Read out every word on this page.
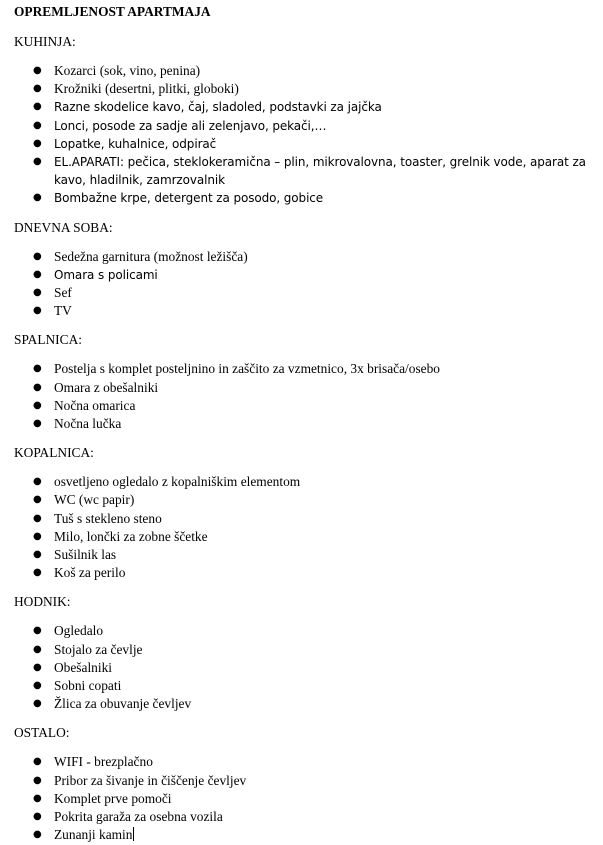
OPREMLJENOST APARTMAJA
KUHINJA:
● Kozarci (sok, vino, penina)
● Krožniki (desertni, plitki, globoki)
● Razne skodelice kavo, čaj, sladoled, podstavki za jajčka
● Lonci, posode za sadje ali zelenjavo, pekači,…
● Lopatke, kuhalnice, odpirač
● EL.APARATI: pečica, steklokeramična – plin, mikrovalovna, toaster, grelnik vode, aparat za kavo, hladilnik, zamrzovalnik
● Bombažne krpe, detergent za posodo, gobice
DNEVNA SOBA:
● Sedežna garnitura (možnost ležišča)
● Omara s policami
● Sef
● TV
SPALNICA:
● Postelja s komplet posteljnino in zaščito za vzmetnico, 3x brisača/osebo
● Omara z obešalniki
● Nočna omarica
● Nočna lučka
KOPALNICA:
● osvetljeno ogledalo z kopalniškim elementom
● WC (wc papir)
● Tuš s stekleno steno
● Milo, lončki za zobne ščetke
● Sušilnik las
● Koš za perilo
HODNIK:
● Ogledalo
● Stojalo za čevlje
● Obešalniki
● Sobni copati
● Žlica za obuvanje čevljev
OSTALO:
● WIFI - brezplačno
● Pribor za šivanje in čiščenje čevljev
● Komplet prve pomoči
● Pokrita garaža za osebna vozila
● Zunanji kamin
